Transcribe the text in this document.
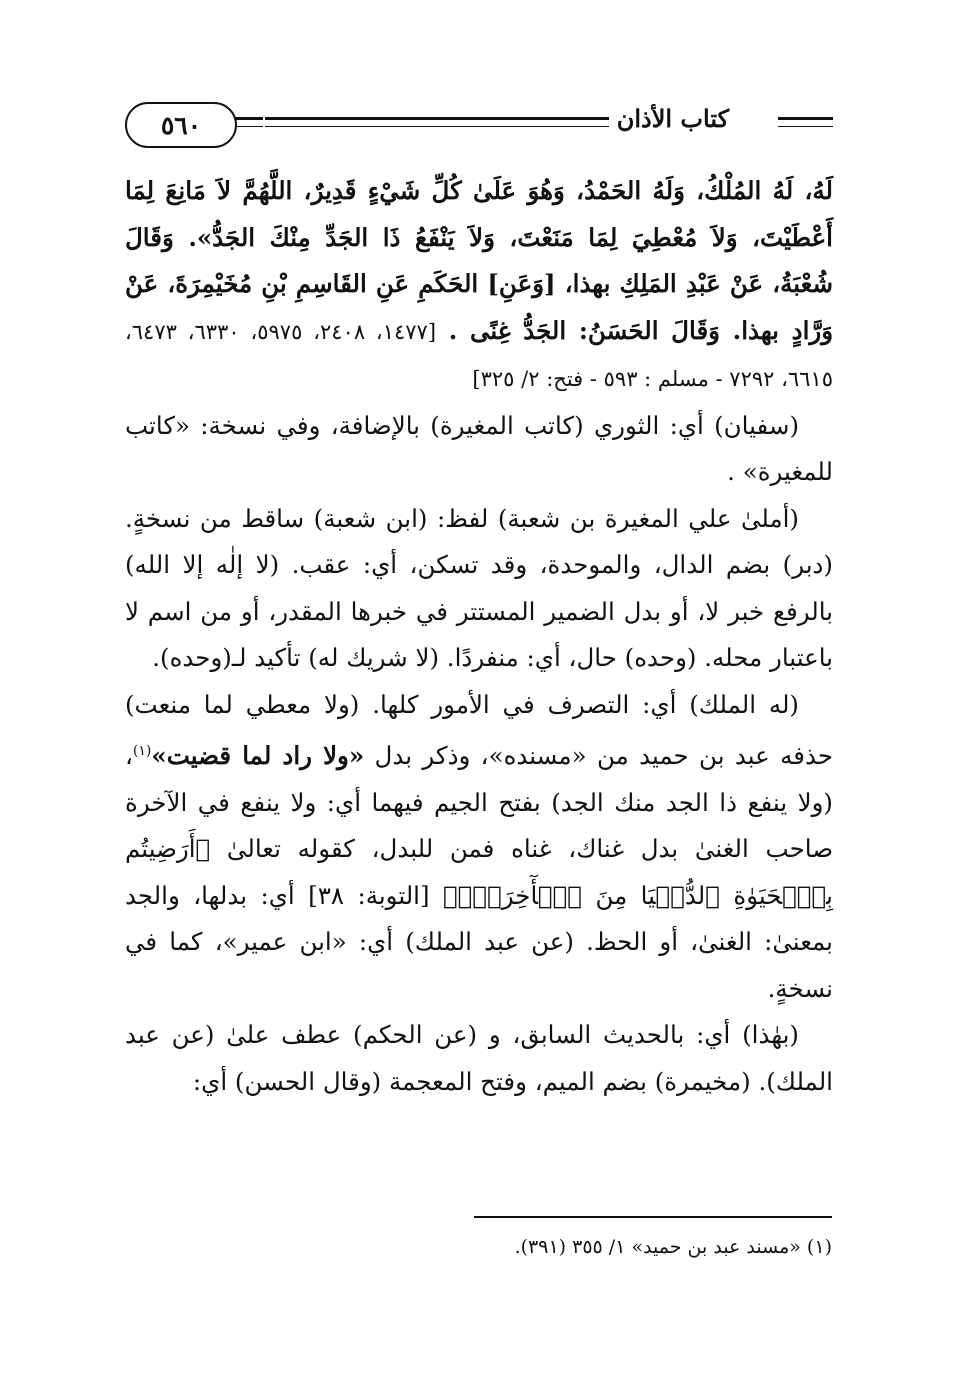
٥٦٠	كتاب الأذان

لَهُ، لَهُ المُلْكُ، وَلَهُ الحَمْدُ، وَهُوَ عَلَىٰ كُلِّ شَيْءٍ قَدِيرٌ، اللَّهُمَّ لاَ مَانِعَ لِمَا أَعْطَيْتَ، وَلاَ مُعْطِيَ لِمَا مَنَعْتَ، وَلاَ يَنْفَعُ ذَا الجَدِّ مِنْكَ الجَدُّ». وَقَالَ شُعْبَةُ، عَنْ عَبْدِ المَلِكِ بهذا، [وَعَنِ] الحَكَمِ عَنِ القَاسِمِ بْنِ مُخَيْمِرَةَ، عَنْ وَرَّادٍ بهذا. وَقَالَ الحَسَنُ: الجَدُّ غِنًى . [١٤٧٧، ٢٤٠٨، ٥٩٧٥، ٦٣٣٠، ٦٤٧٣، ٦٦١٥، ٧٢٩٢ - مسلم : ٥٩٣ - فتح: ٢/ ٣٢٥]

(سفيان) أي: الثوري (كاتب المغيرة) بالإضافة، وفي نسخة: «كاتب للمغيرة» .

(أملىٰ علي المغيرة بن شعبة) لفظ: (ابن شعبة) ساقط من نسخةٍ. (دبر) بضم الدال، والموحدة، وقد تسكن، أي: عقب. (لا إلٰه إلا الله) بالرفع خبر لا، أو بدل الضمير المستتر في خبرها المقدر، أو من اسم لا باعتبار محله. (وحده) حال، أي: منفردًا. (لا شريك له) تأكيد لـ(وحده).

(له الملك) أي: التصرف في الأمور كلها. (ولا معطي لما منعت) حذفه عبد بن حميد من «مسنده»، وذكر بدل «ولا راد لما قضيت»$^{(١)}$، (ولا ينفع ذا الجد منك الجد) بفتح الجيم فيهما أي: ولا ينفع في الآخرة صاحب الغنىٰ بدل غناك، غناه فمن للبدل، كقوله تعالىٰ ﴿أَرَضِيتُم بِٱلۡحَيَوٰةِ ٱلدُّنۡيَا مِنَ ٱلۡأٓخِرَةِۚ﴾ [التوبة: ٣٨] أي: بدلها، والجد بمعنىٰ: الغنىٰ، أو الحظ. (عن عبد الملك) أي: «ابن عمير»، كما في نسخةٍ.

(بهٰذا) أي: بالحديث السابق، و (عن الحكم) عطف علىٰ (عن عبد الملك). (مخيمرة) بضم الميم، وفتح المعجمة (وقال الحسن) أي:

(١) «مسند عبد بن حميد» ١/ ٣٥٥ (٣٩١).
